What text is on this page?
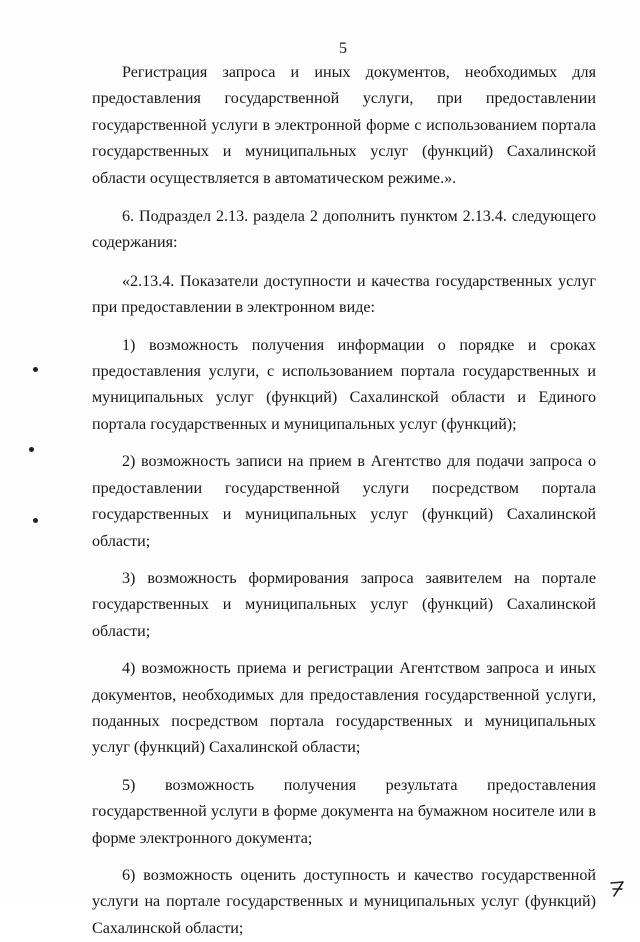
5

Регистрация запроса и иных документов, необходимых для предоставления государственной услуги, при предоставлении государственной услуги в электронной форме с использованием портала государственных и муниципальных услуг (функций) Сахалинской области осуществляется в автоматическом режиме.».

6. Подраздел 2.13. раздела 2 дополнить пунктом 2.13.4. следующего содержания:

«2.13.4. Показатели доступности и качества государственных услуг при предоставлении в электронном виде:

1) возможность получения информации о порядке и сроках предоставления услуги, с использованием портала государственных и муниципальных услуг (функций) Сахалинской области и Единого портала государственных и муниципальных услуг (функций);

2) возможность записи на прием в Агентство для подачи запроса о предоставлении государственной услуги посредством портала государственных и муниципальных услуг (функций) Сахалинской области;

3) возможность формирования запроса заявителем на портале государственных и муниципальных услуг (функций) Сахалинской области;

4) возможность приема и регистрации Агентством запроса и иных документов, необходимых для предоставления государственной услуги, поданных посредством портала государственных и муниципальных услуг (функций) Сахалинской области;

5) возможность получения результата предоставления государственной услуги в форме документа на бумажном носителе или в форме электронного документа;

6) возможность оценить доступность и качество государственной услуги на портале государственных и муниципальных услуг (функций) Сахалинской области;
